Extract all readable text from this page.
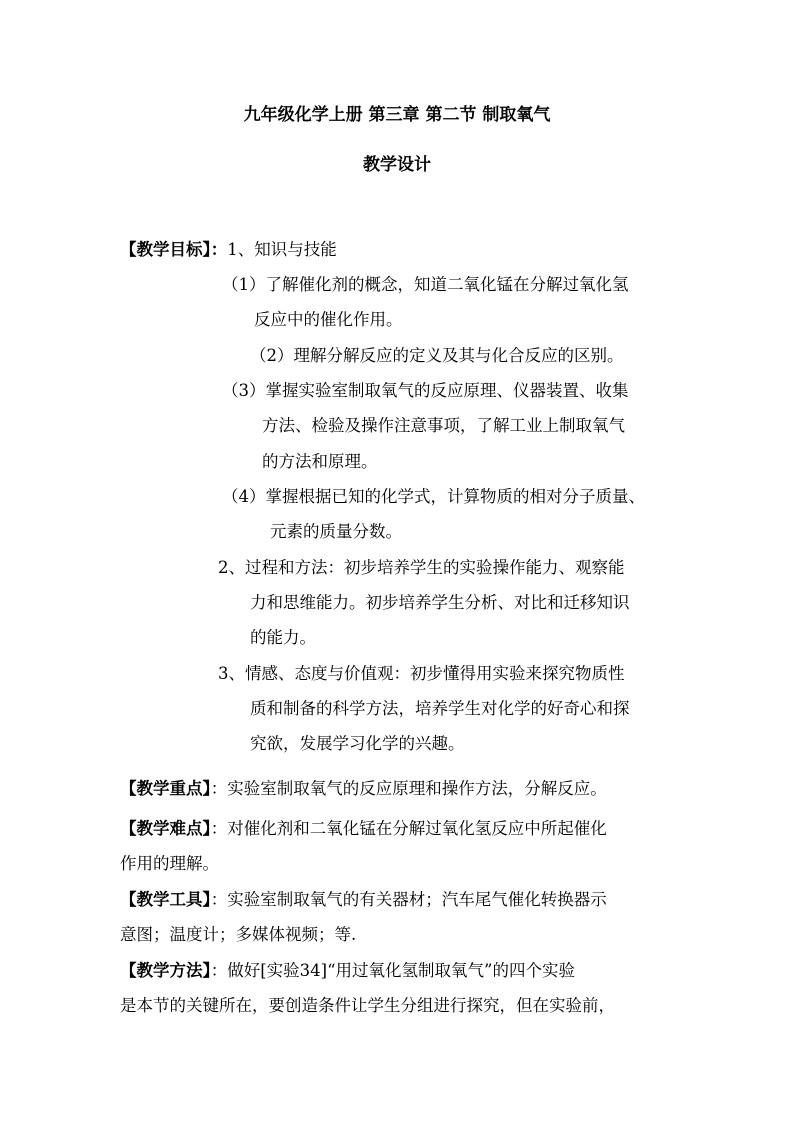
九年级化学上册 第三章 第二节 制取氧气
教学设计
【教学目标】：1、知识与技能
（1）了解催化剂的概念，知道二氧化锰在分解过氧化氢
反应中的催化作用。
（2）理解分解反应的定义及其与化合反应的区别。
（3）掌握实验室制取氧气的反应原理、仪器装置、收集
方法、检验及操作注意事项，了解工业上制取氧气
的方法和原理。
（4）掌握根据已知的化学式，计算物质的相对分子质量、
元素的质量分数。
2、过程和方法：初步培养学生的实验操作能力、观察能
力和思维能力。初步培养学生分析、对比和迁移知识
的能力。
3、情感、态度与价值观：初步懂得用实验来探究物质性
质和制备的科学方法，培养学生对化学的好奇心和探
究欲，发展学习化学的兴趣。
【教学重点】：实验室制取氧气的反应原理和操作方法，分解反应。
【教学难点】：对催化剂和二氧化锰在分解过氧化氢反应中所起催化
作用的理解。
【教学工具】：实验室制取氧气的有关器材；汽车尾气催化转换器示
意图；温度计；多媒体视频；等.
【教学方法】：做好[实验34]“用过氧化氢制取氧气”的四个实验
是本节的关键所在，要创造条件让学生分组进行探究，但在实验前，
